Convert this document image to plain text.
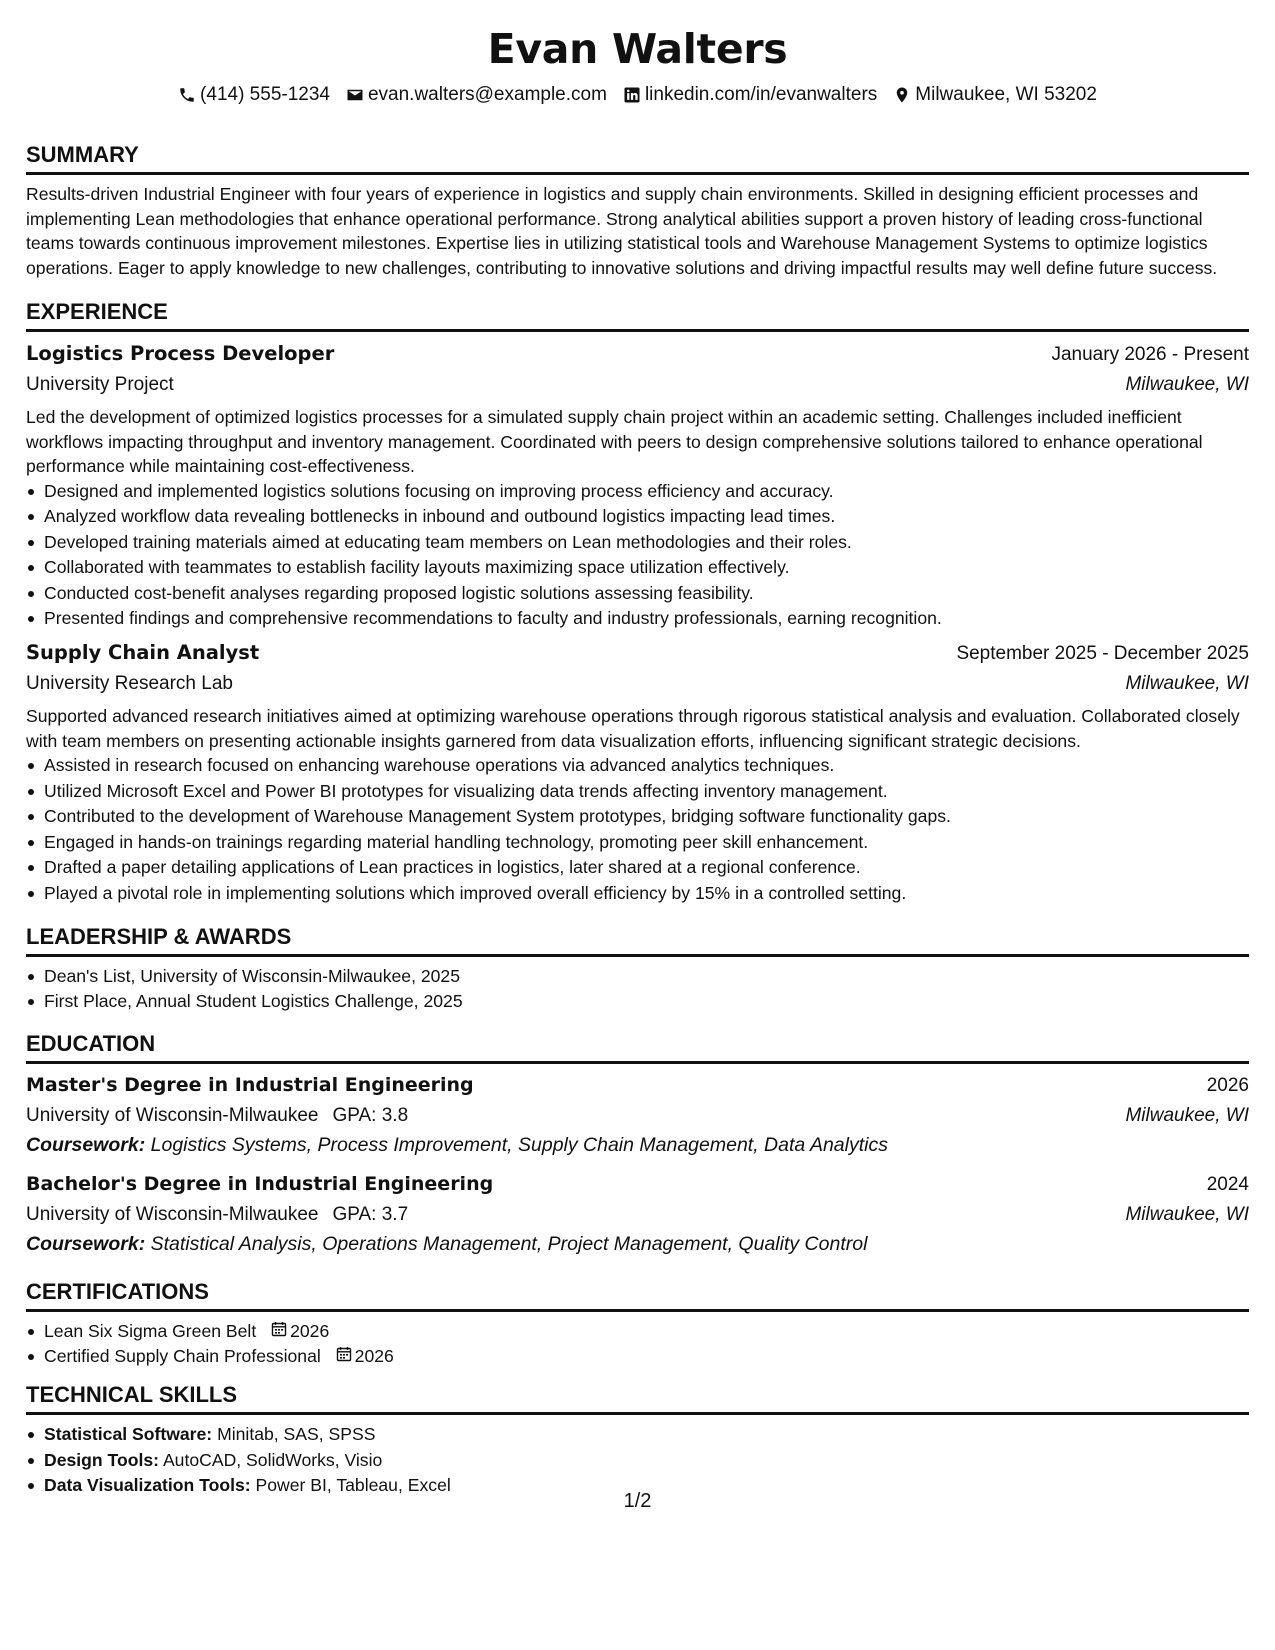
Evan Walters
(414) 555-1234 evan.walters@example.com linkedin.com/in/evanwalters Milwaukee, WI 53202
SUMMARY
Results-driven Industrial Engineer with four years of experience in logistics and supply chain environments. Skilled in designing efficient processes and implementing Lean methodologies that enhance operational performance. Strong analytical abilities support a proven history of leading cross-functional teams towards continuous improvement milestones. Expertise lies in utilizing statistical tools and Warehouse Management Systems to optimize logistics operations. Eager to apply knowledge to new challenges, contributing to innovative solutions and driving impactful results may well define future success.
EXPERIENCE
Logistics Process Developer	January 2026 - Present
University Project	Milwaukee, WI
Led the development of optimized logistics processes for a simulated supply chain project within an academic setting. Challenges included inefficient workflows impacting throughput and inventory management. Coordinated with peers to design comprehensive solutions tailored to enhance operational performance while maintaining cost-effectiveness.
Designed and implemented logistics solutions focusing on improving process efficiency and accuracy.
Analyzed workflow data revealing bottlenecks in inbound and outbound logistics impacting lead times.
Developed training materials aimed at educating team members on Lean methodologies and their roles.
Collaborated with teammates to establish facility layouts maximizing space utilization effectively.
Conducted cost-benefit analyses regarding proposed logistic solutions assessing feasibility.
Presented findings and comprehensive recommendations to faculty and industry professionals, earning recognition.
Supply Chain Analyst	September 2025 - December 2025
University Research Lab	Milwaukee, WI
Supported advanced research initiatives aimed at optimizing warehouse operations through rigorous statistical analysis and evaluation. Collaborated closely with team members on presenting actionable insights garnered from data visualization efforts, influencing significant strategic decisions.
Assisted in research focused on enhancing warehouse operations via advanced analytics techniques.
Utilized Microsoft Excel and Power BI prototypes for visualizing data trends affecting inventory management.
Contributed to the development of Warehouse Management System prototypes, bridging software functionality gaps.
Engaged in hands-on trainings regarding material handling technology, promoting peer skill enhancement.
Drafted a paper detailing applications of Lean practices in logistics, later shared at a regional conference.
Played a pivotal role in implementing solutions which improved overall efficiency by 15% in a controlled setting.
LEADERSHIP & AWARDS
Dean's List, University of Wisconsin-Milwaukee, 2025
First Place, Annual Student Logistics Challenge, 2025
EDUCATION
Master's Degree in Industrial Engineering	2026
University of Wisconsin-Milwaukee GPA: 3.8	Milwaukee, WI
Coursework: Logistics Systems, Process Improvement, Supply Chain Management, Data Analytics
Bachelor's Degree in Industrial Engineering	2024
University of Wisconsin-Milwaukee GPA: 3.7	Milwaukee, WI
Coursework: Statistical Analysis, Operations Management, Project Management, Quality Control
CERTIFICATIONS
Lean Six Sigma Green Belt 2026
Certified Supply Chain Professional 2026
TECHNICAL SKILLS
Statistical Software: Minitab, SAS, SPSS
Design Tools: AutoCAD, SolidWorks, Visio
Data Visualization Tools: Power BI, Tableau, Excel
1/2
